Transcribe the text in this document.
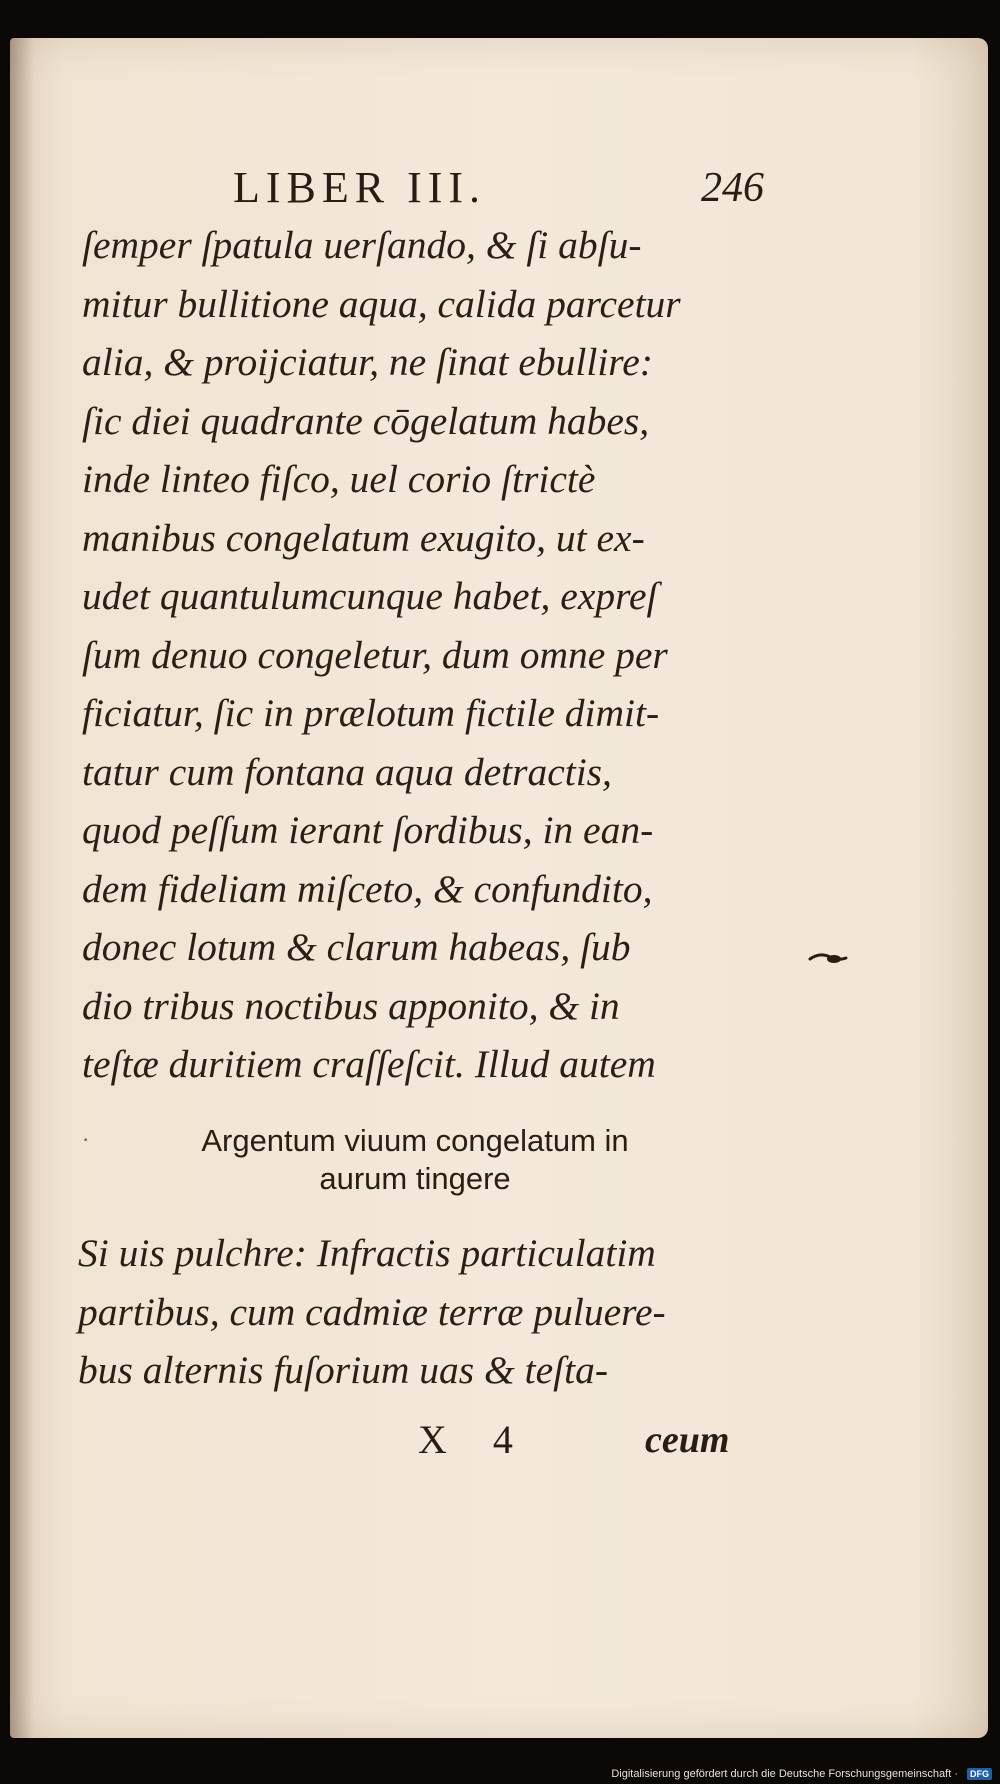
LIBER III.	246
ſemper ſpatula uerſando, & ſi abſu-
mitur bullitione aqua, calida parcetur
alia, & proijciatur, ne ſinat ebullire:
ſic diei quadrante cōgelatum habes,
inde linteo fiſco, uel corio ſtrictè
manibus congelatum exugito, ut ex-
udet quantulumcunque habet, expreſ
ſum denuo congeletur, dum omne per
ficiatur, ſic in prælotum fictile dimit-
tatur cum fontana aqua detractis,
quod peſſum ierant ſordibus, in ean-
dem fideliam miſceto, & confundito,
donec lotum & clarum habeas, ſub
dio tribus noctibus apponito, & in
teſtæ duritiem craſſeſcit. Illud autem
·	Argentum viuum congelatum in
aurum tingere
Si uis pulchre: Infractis particulatim
partibus, cum cadmiæ terræ puluere-
bus alternis fuſorium uas & teſta-
X 4	ceum
Digitalisierung gefördert durch die Deutsche Forschungsgemeinschaft ·	DFG
